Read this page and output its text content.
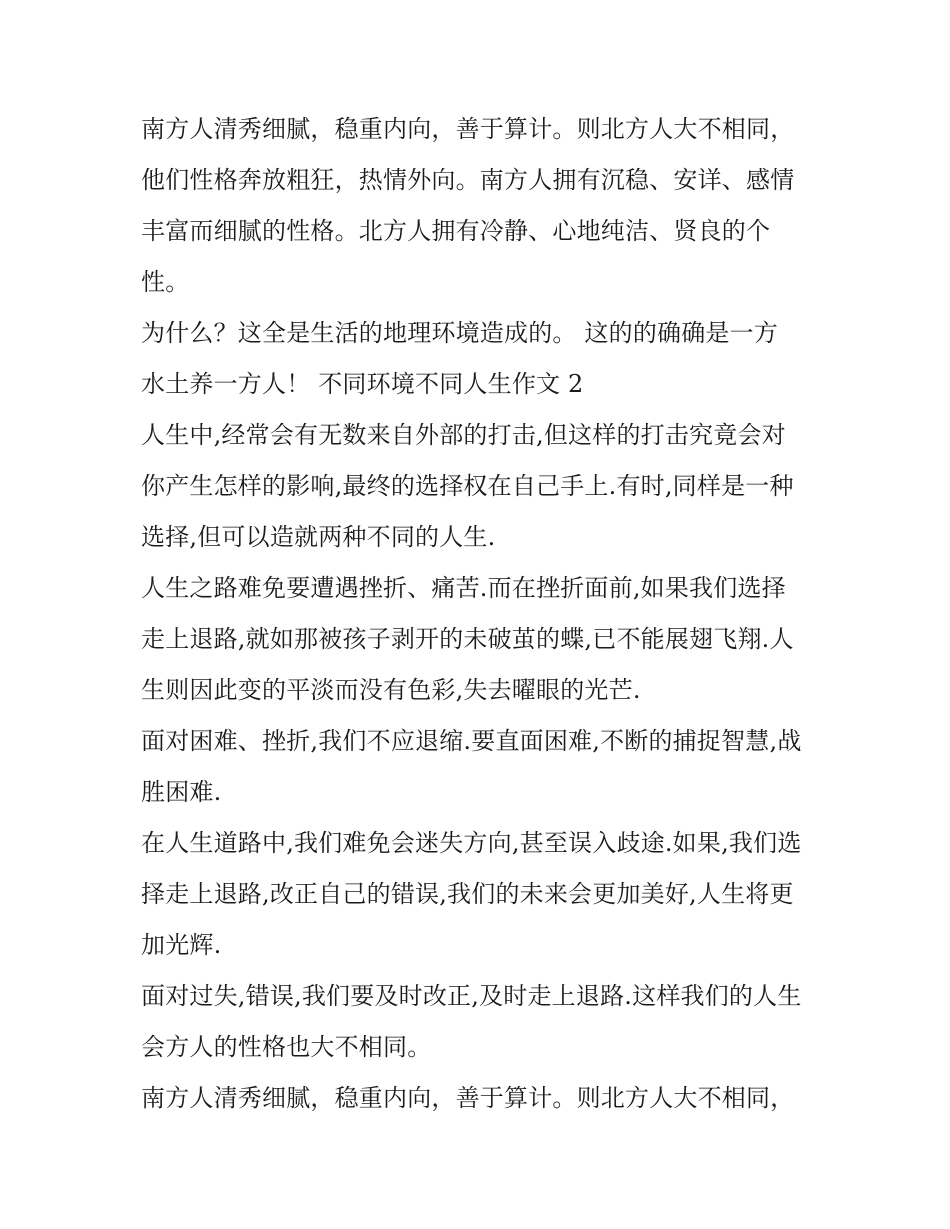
南方人清秀细腻，稳重内向，善于算计。则北方人大不相同，
他们性格奔放粗狂，热情外向。南方人拥有沉稳、安详、感情
丰富而细腻的性格。北方人拥有冷静、心地纯洁、贤良的个
性。
为什么？这全是生活的地理环境造成的。 这的的确确是一方
水土养一方人！ 不同环境不同人生作文 2
人生中,经常会有无数来自外部的打击,但这样的打击究竟会对
你产生怎样的影响,最终的选择权在自己手上.有时,同样是一种
选择,但可以造就两种不同的人生.
人生之路难免要遭遇挫折、痛苦.而在挫折面前,如果我们选择
走上退路,就如那被孩子剥开的未破茧的蝶,已不能展翅飞翔.人
生则因此变的平淡而没有色彩,失去曜眼的光芒.
面对困难、挫折,我们不应退缩.要直面困难,不断的捕捉智慧,战
胜困难.
在人生道路中,我们难免会迷失方向,甚至误入歧途.如果,我们选
择走上退路,改正自己的错误,我们的未来会更加美好,人生将更
加光辉.
面对过失,错误,我们要及时改正,及时走上退路.这样我们的人生
会方人的性格也大不相同。
南方人清秀细腻，稳重内向，善于算计。则北方人大不相同，
